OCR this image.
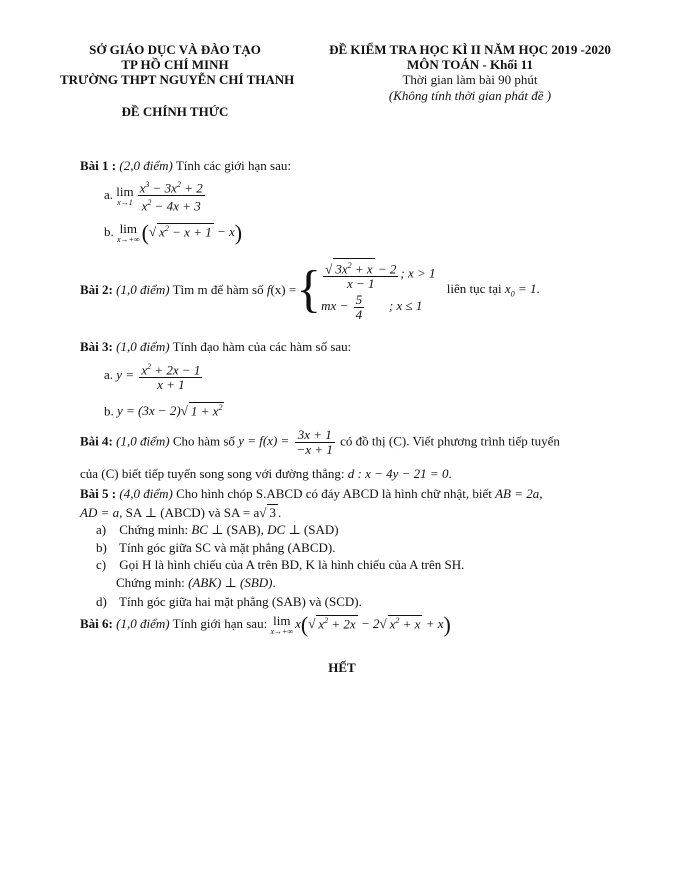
SỞ GIÁO DỤC VÀ ĐÀO TẠO
TP HỒ CHÍ MINH
TRƯỜNG THPT NGUYỄN CHÍ THANH
ĐỀ CHÍNH THỨC
ĐỀ KIỂM TRA HỌC KÌ II NĂM HỌC 2019 -2020
MÔN TOÁN - Khối 11
Thời gian làm bài 90 phút
(Không tính thời gian phát đề )
Bài 1 : (2,0 điểm) Tính các giới hạn sau:
a. lim
$x\to 1 \frac{x^3 - 3x^2 + 2}{x^2 - 4x + 3}$
b. lim
x→+∞ (√ $x^2 - x + 1 - x$)
Bài 2: (1,0 điểm) Tìm m để hàm số f(x) ={ $\frac{√ 3x^2 + x - 2}{x - 1}$ ; x > 1
mx − $\frac{5}{4}$ ; x ≤ 1
liên tục tại $x_0 = 1$.
Bài 3: (1,0 điểm) Tính đạo hàm của các hàm số sau:
a. $y = \frac{x^2 + 2x - 1}{x + 1}$
b. y = (3x − 2)√ $1 + x^2$
Bài 4: (1,0 điểm) Cho hàm số $y = f(x) = \frac{3x + 1}{-x + 1}$ có đồ thị (C). Viết phương trình tiếp tuyến
của (C) biết tiếp tuyến song song với đường thẳng: d : x − 4y − 21 = 0.
Bài 5 : (4,0 điểm) Cho hình chóp S.ABCD có đáy ABCD là hình chữ nhật, biết AB = 2a,
AD = a, SA ⊥ (ABCD) và SA = a√ 3 .
a) Chứng minh: BC ⊥ (SAB), DC ⊥ (SAD)
b) Tính góc giữa SC và mặt phẳng (ABCD).
c) Gọi H là hình chiếu của A trên BD, K là hình chiếu của A trên SH.
Chứng minh: (ABK) ⊥ (SBD).
d) Tính góc giữa hai mặt phẳng (SAB) và (SCD).
Bài 6: (1,0 điểm) Tính giới hạn sau: lim
x→+∞
x(√ $x^2 + 2x - 2√$ $x^2 + x + x$)
HẾT
